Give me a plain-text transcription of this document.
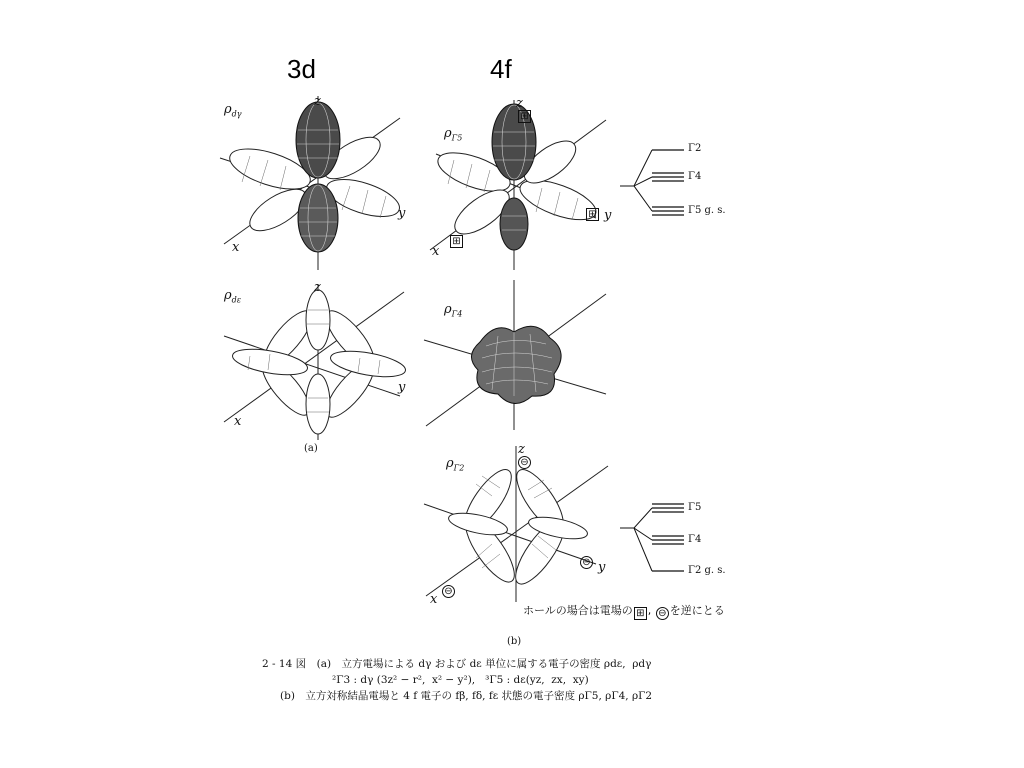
3d	4f
$\rho_{d\gamma}$
z
y
x
$\rho_{\Gamma 5}$
z
⊞
⊞ y
⊞
x
Γ2
Γ4
Γ5 g. s.
$\rho_{d\varepsilon}$
z
y
x
$\rho_{\Gamma 4}$
(a)
$\rho_{\Gamma 2}$
z
⊖
⊖ y
x
⊖
Γ5
Γ4
Γ2 g. s.
ホールの場合は電場の ⊞ , ⊖ を逆にとる
(b)
2 - 14 図　(a)　立方電場による dγ および dε 単位に属する電子の密度 ρdε,  ρdγ
²Γ3 : dγ (3z² − r²,  x² − y²),   ³Γ5 : dε(yz,  zx,  xy)
(b)　立方対称結晶電場と 4 f 電子の fβ, fδ, fε 状態の電子密度 ρΓ5, ρΓ4, ρΓ2
